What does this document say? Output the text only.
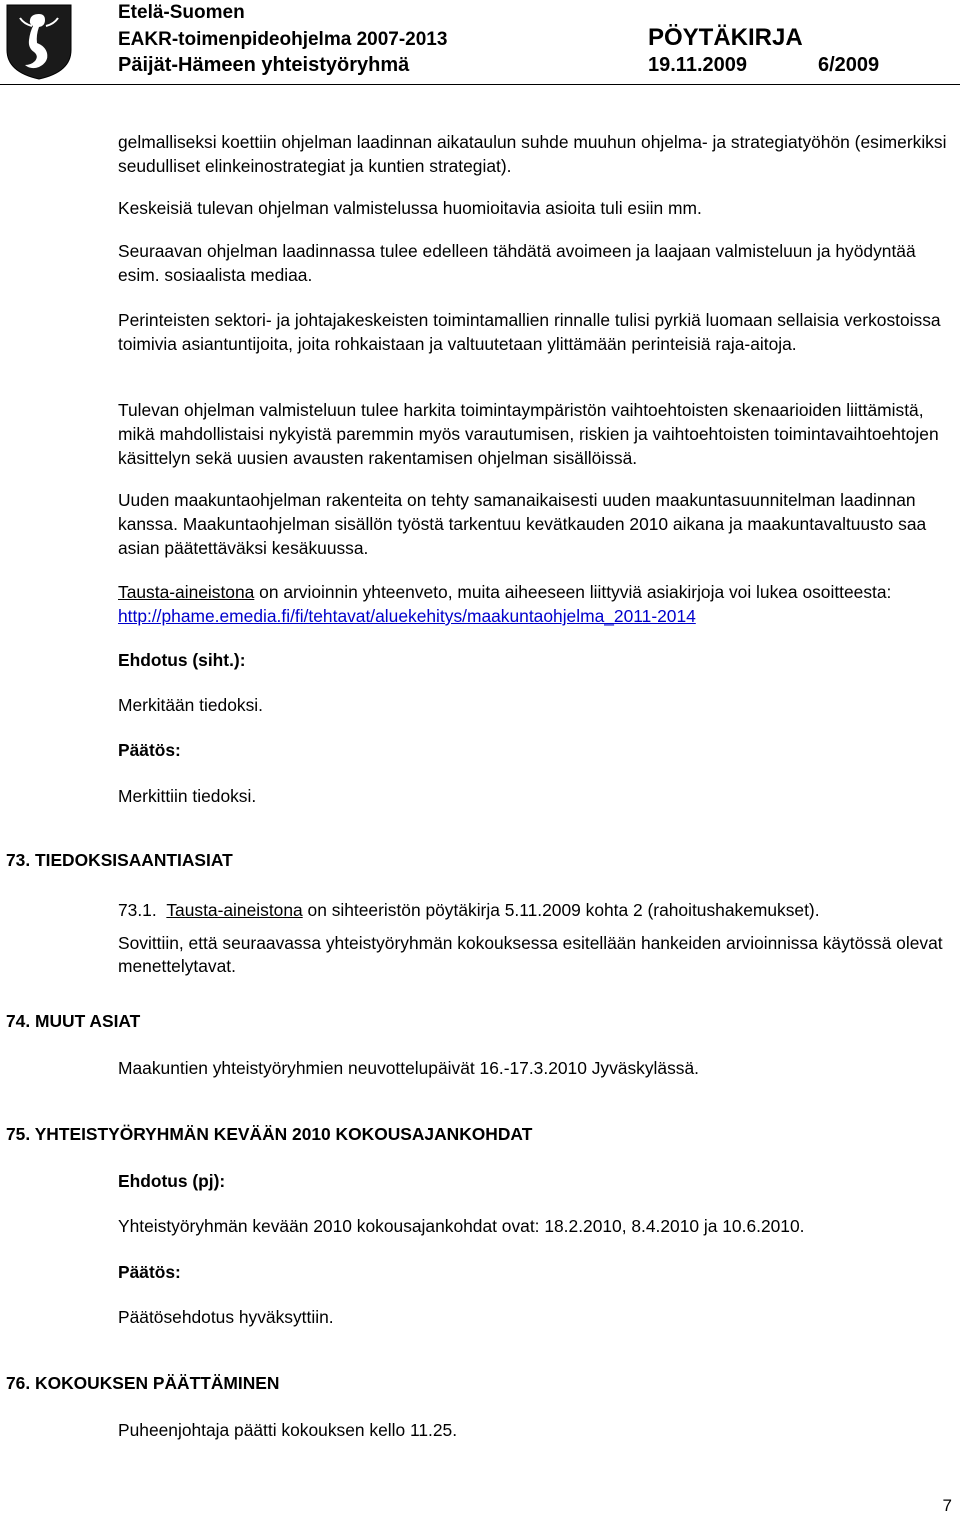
Etelä-Suomen
EAKR-toimenpideohjelma 2007-2013
Päijät-Hämeen yhteistyöryhmä
PÖYTÄKIRJA
19.11.2009	6/2009
gelmalliseksi koettiin ohjelman laadinnan aikataulun suhde muuhun ohjelma- ja strategiatyöhön (esimerkiksi seudulliset elinkeinostrategiat ja kuntien strategiat).
Keskeisiä tulevan ohjelman valmistelussa huomioitavia asioita tuli esiin mm.
Seuraavan ohjelman laadinnassa tulee edelleen tähdätä avoimeen ja laajaan valmisteluun ja hyödyntää esim. sosiaalista mediaa.
Perinteisten sektori- ja johtajakeskeisten toimintamallien rinnalle tulisi pyrkiä luomaan sellaisia verkostoissa toimivia asiantuntijoita, joita rohkaistaan ja valtuutetaan ylittämään perinteisiä raja-aitoja.
Tulevan ohjelman valmisteluun tulee harkita toimintaympäristön vaihtoehtoisten skenaarioiden liittämistä, mikä mahdollistaisi nykyistä paremmin myös varautumisen, riskien ja vaihtoehtoisten toimintavaihtoehtojen käsittelyn sekä uusien avausten rakentamisen ohjelman sisällöissä.
Uuden maakuntaohjelman rakenteita on tehty samanaikaisesti uuden maakuntasuunnitelman laadinnan kanssa. Maakuntaohjelman sisällön työstä tarkentuu kevätkauden 2010 aikana ja maakuntavaltuusto saa asian päätettäväksi kesäkuussa.
Tausta-aineistona on arvioinnin yhteenveto, muita aiheeseen liittyviä asiakirjoja voi lukea osoitteesta: http://phame.emedia.fi/fi/tehtavat/aluekehitys/maakuntaohjelma_2011-2014
Ehdotus (siht.):
Merkitään tiedoksi.
Päätös:
Merkittiin tiedoksi.
73. TIEDOKSISAANTIASIAT
73.1. Tausta-aineistona on sihteeristön pöytäkirja 5.11.2009 kohta 2 (rahoitushakemukset).
Sovittiin, että seuraavassa yhteistyöryhmän kokouksessa esitellään hankeiden arvioinnissa käytössä olevat menettelytavat.
74. MUUT ASIAT
Maakuntien yhteistyöryhmien neuvottelupäivät 16.-17.3.2010 Jyväskylässä.
75. YHTEISTYÖRYHMÄN KEVÄÄN 2010 KOKOUSAJANKOHDAT
Ehdotus (pj):
Yhteistyöryhmän kevään 2010 kokousajankohdat ovat: 18.2.2010, 8.4.2010 ja 10.6.2010.
Päätös:
Päätösehdotus hyväksyttiin.
76. KOKOUKSEN PÄÄTTÄMINEN
Puheenjohtaja päätti kokouksen kello 11.25.
7
